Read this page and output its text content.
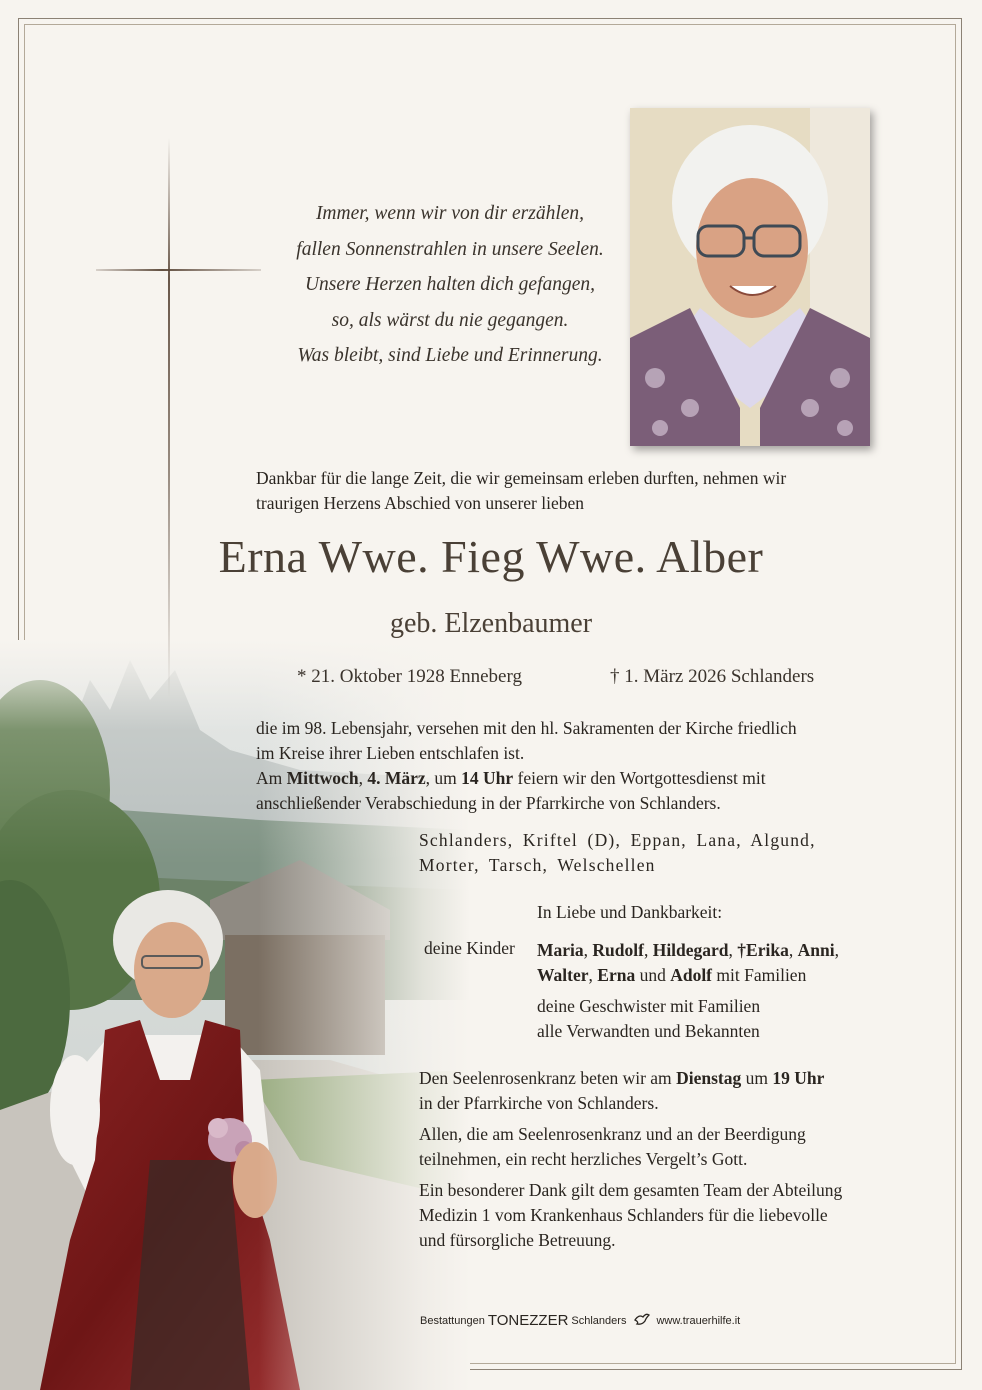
Immer, wenn wir von dir erzählen,
fallen Sonnenstrahlen in unsere Seelen.
Unsere Herzen halten dich gefangen,
so, als wärst du nie gegangen.
Was bleibt, sind Liebe und Erinnerung.
Dankbar für die lange Zeit, die wir gemeinsam erleben durften, nehmen wir
traurigen Herzens Abschied von unserer lieben
Erna Wwe. Fieg Wwe. Alber
geb. Elzenbaumer
* 21. Oktober 1928 Enneberg	† 1. März 2026 Schlanders
die im 98. Lebensjahr, versehen mit den hl. Sakramenten der Kirche friedlich
im Kreise ihrer Lieben entschlafen ist.
Am Mittwoch, 4. März, um 14 Uhr feiern wir den Wortgottesdienst mit
anschließender Verabschiedung in der Pfarrkirche von Schlanders.
Schlanders, Kriftel (D), Eppan, Lana, Algund,
Morter, Tarsch, Welschellen
In Liebe und Dankbarkeit:
deine Kinder Maria, Rudolf, Hildegard, †Erika, Anni,
Walter, Erna und Adolf mit Familien
deine Geschwister mit Familien
alle Verwandten und Bekannten
Den Seelenrosenkranz beten wir am Dienstag um 19 Uhr
in der Pfarrkirche von Schlanders.
Allen, die am Seelenrosenkranz und an der Beerdigung
teilnehmen, ein recht herzliches Vergelt’s Gott.
Ein besonderer Dank gilt dem gesamten Team der Abteilung
Medizin 1 vom Krankenhaus Schlanders für die liebevolle
und fürsorgliche Betreuung.
Bestattungen TONEZZER Schlanders	www.trauerhilfe.it
